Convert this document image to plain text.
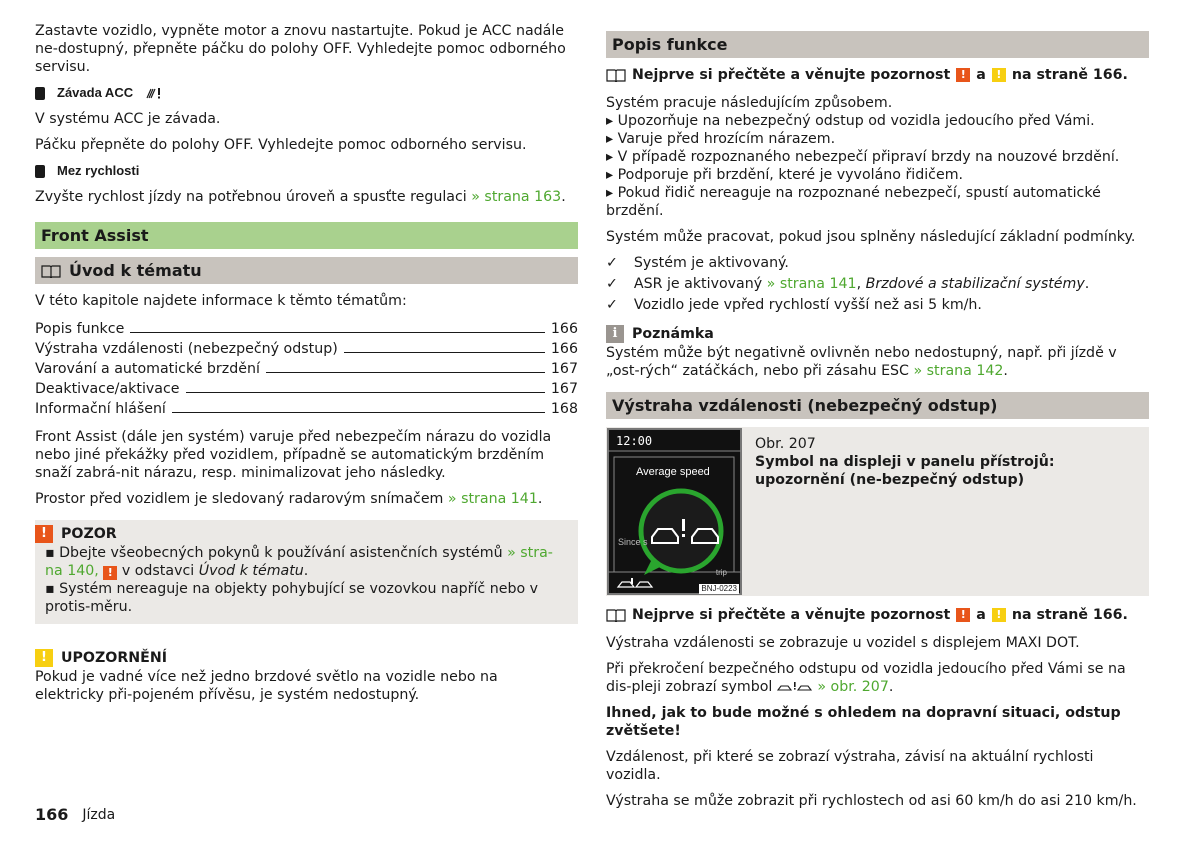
Zastavte vozidlo, vypněte motor a znovu nastartujte. Pokud je ACC nadále ne-dostupný, přepněte páčku do polohy OFF. Vyhledejte pomoc odborného servisu.

Závada ACC

V systému ACC je závada.

Páčku přepněte do polohy OFF. Vyhledejte pomoc odborného servisu.

Mez rychlosti

Zvyšte rychlost jízdy na potřebnou úroveň a spusťte regulaci » strana 163.

Front Assist
Úvod k tématu

V této kapitole najdete informace k těmto tématům:

Popis funkce	166
Výstraha vzdálenosti (nebezpečný odstup)	166
Varování a automatické brzdění	167
Deaktivace/aktivace	167
Informační hlášení	168

Front Assist (dále jen systém) varuje před nebezpečím nárazu do vozidla nebo jiné překážky před vozidlem, případně se automatickým brzděním snaží zabrá-nit nárazu, resp. minimalizovat jeho následky.

Prostor před vozidlem je sledovaný radarovým snímačem » strana 141.

! POZOR
▪ Dbejte všeobecných pokynů k používání asistenčních systémů » stra-na 140, ! v odstavci Úvod k tématu.
▪ Systém nereaguje na objekty pohybující se vozovkou napříč nebo v protis-měru.
! UPOZORNĚNÍ
Pokud je vadné více než jedno brzdové světlo na vozidle nebo na elektricky při-pojeném přívěsu, je systém nedostupný.
Popis funkce
Nejprve si přečtěte a věnujte pozornost ! a ! na straně 166.
Systém pracuje následujícím způsobem.
▸ Upozorňuje na nebezpečný odstup od vozidla jedoucího před Vámi.
▸ Varuje před hrozícím nárazem.
▸ V případě rozpoznaného nebezpečí připraví brzdy na nouzové brzdění.
▸ Podporuje při brzdění, které je vyvoláno řidičem.
▸ Pokud řidič nereaguje na rozpoznané nebezpečí, spustí automatické brzdění.

Systém může pracovat, pokud jsou splněny následující základní podmínky.

✓ Systém je aktivovaný.
✓ ASR je aktivovaný » strana 141, Brzdové a stabilizační systémy.
✓ Vozidlo jede vpřed rychlostí vyšší než asi 5 km/h.
i	Poznámka
Systém může být negativně ovlivněn nebo nedostupný, např. při jízdě v „ost-rých“ zatáčkách, nebo při zásahu ESC » strana 142.
Výstraha vzdálenosti (nebezpečný odstup)
12:00
Average speed
Since s
trip
BNJ-0223
Obr. 207
Symbol na displeji v panelu přístrojů: upozornění (ne-bezpečný odstup)
Nejprve si přečtěte a věnujte pozornost ! a ! na straně 166.

Výstraha vzdálenosti se zobrazuje u vozidel s displejem MAXI DOT.

Při překročení bezpečného odstupu od vozidla jedoucího před Vámi se na dis-pleji zobrazí symbol	» obr. 207.

Ihned, jak to bude možné s ohledem na dopravní situaci, odstup zvětšete!

Vzdálenost, při které se zobrazí výstraha, závisí na aktuální rychlosti vozidla.

Výstraha se může zobrazit při rychlostech od asi 60 km/h do asi 210 km/h.

166 Jízda
